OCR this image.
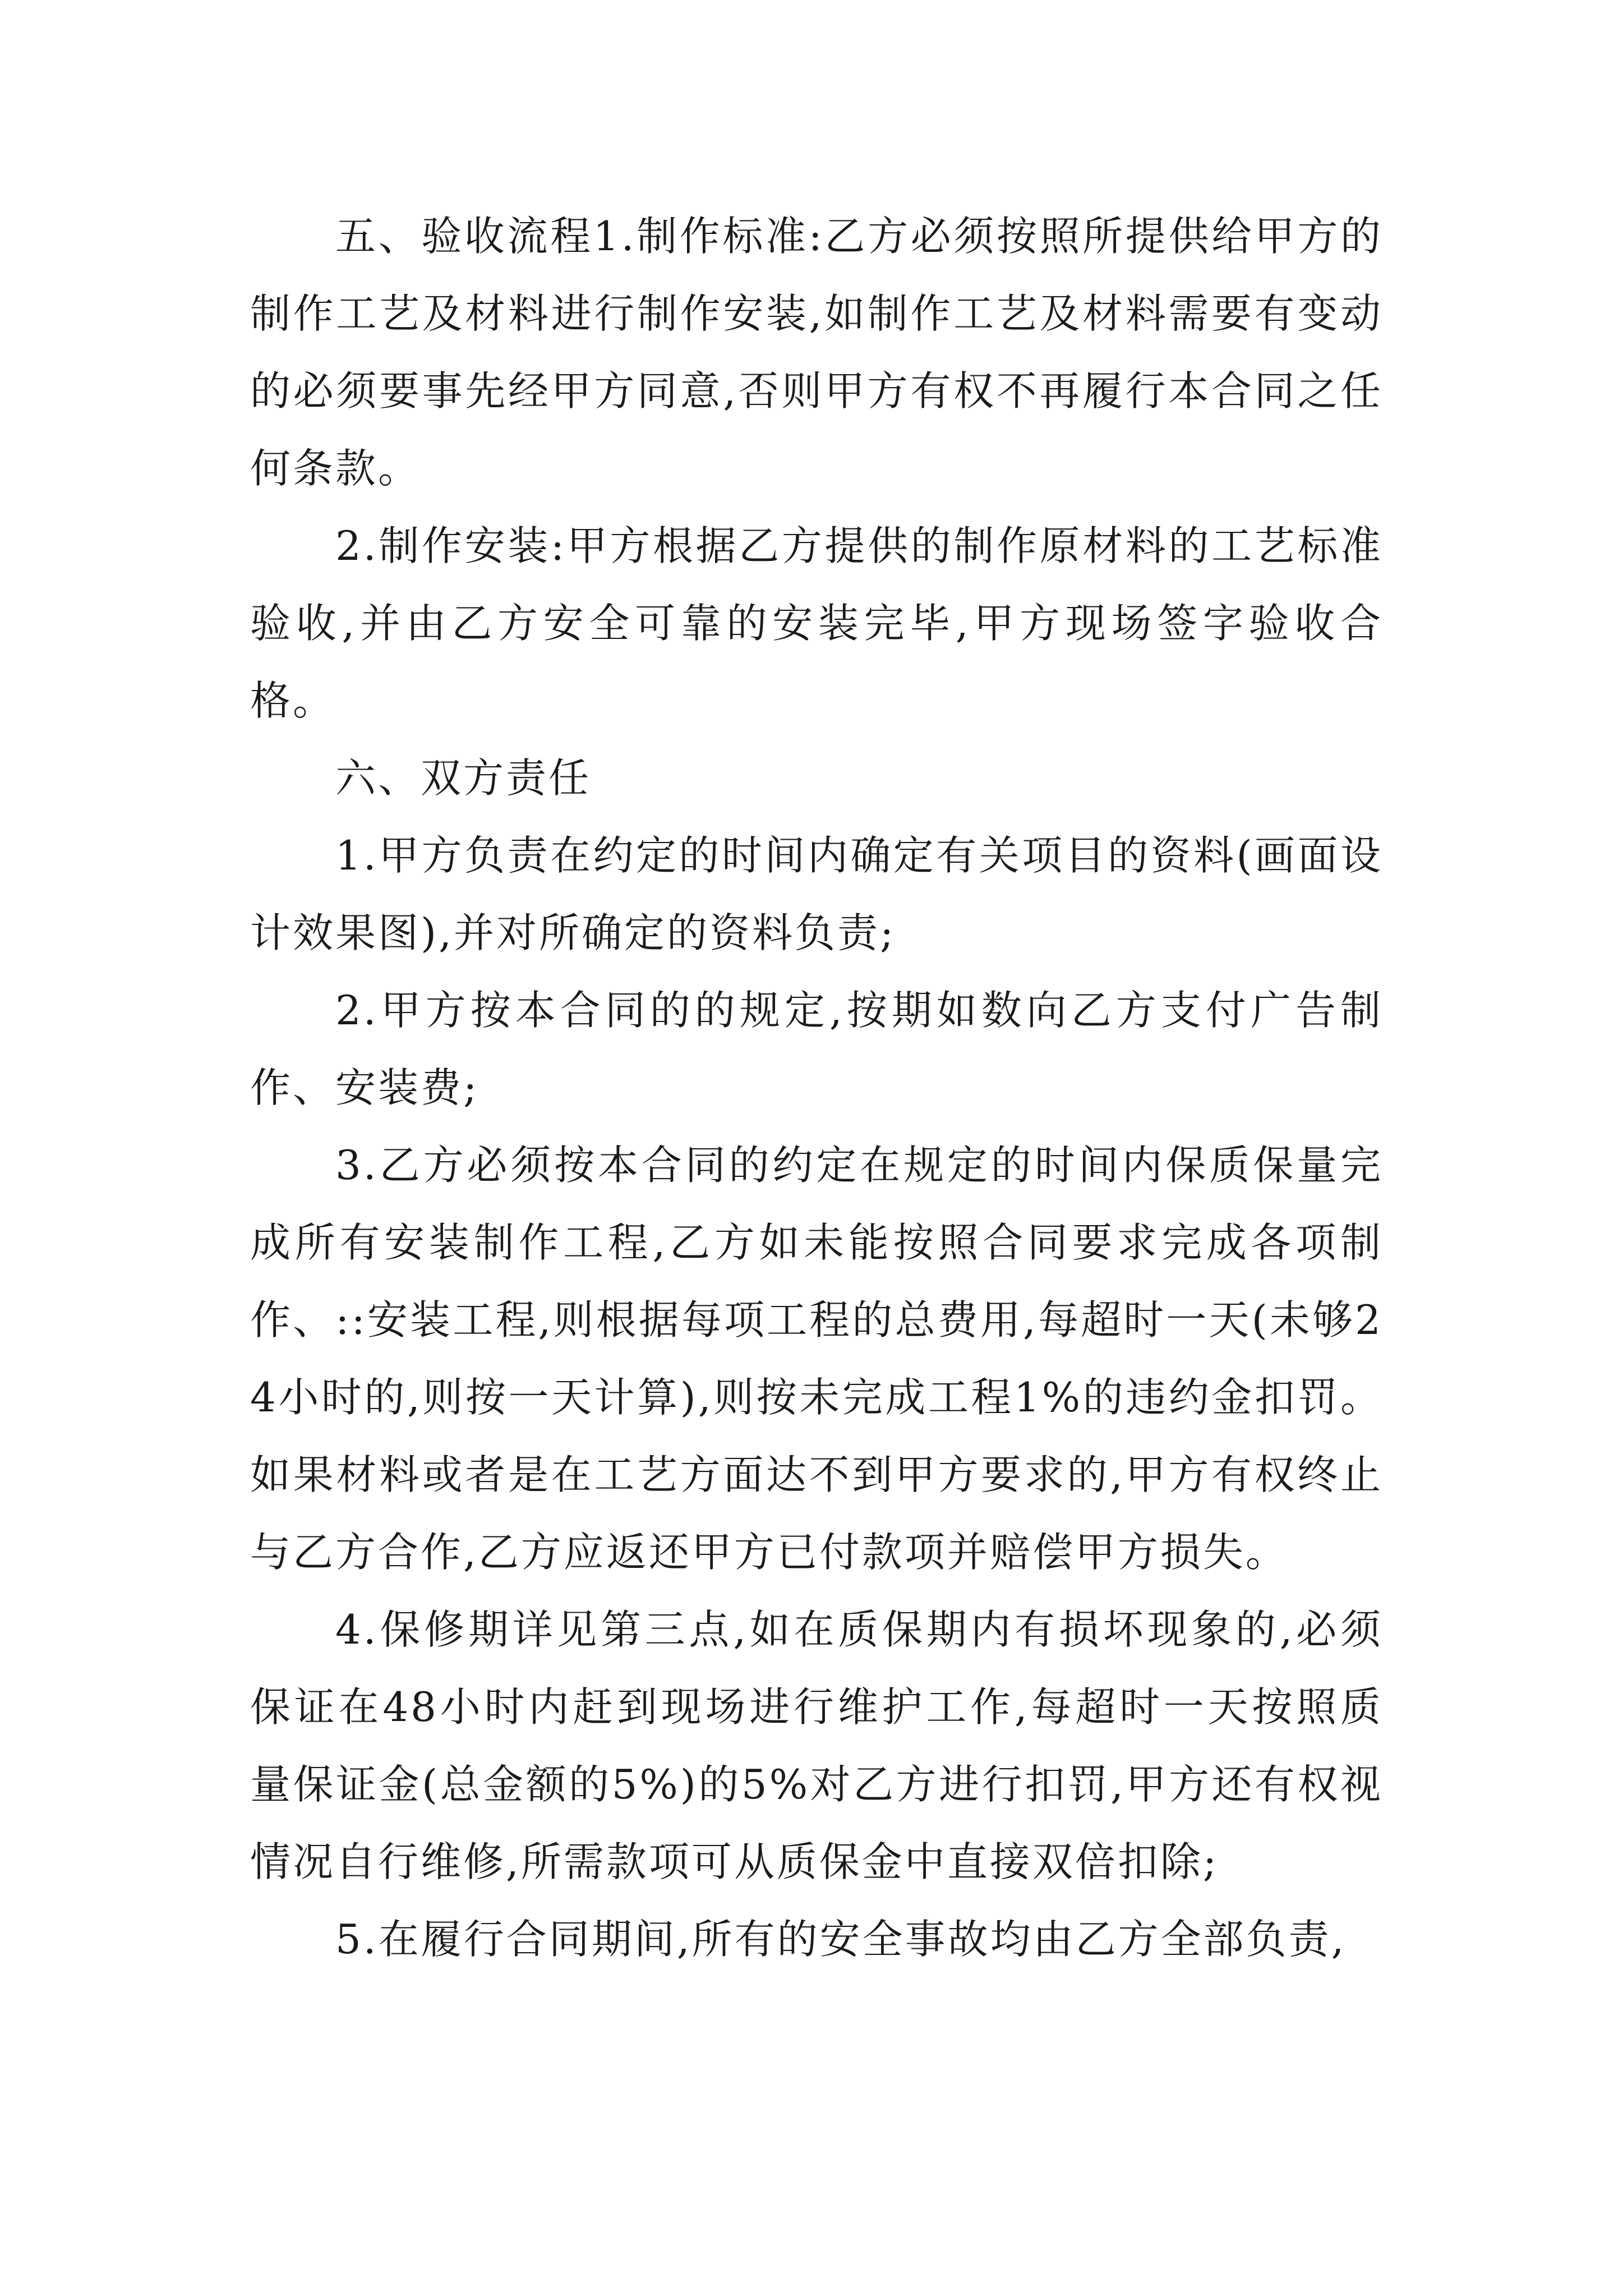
五、验收流程1.制作标准:乙方必须按照所提供给甲方的制作工艺及材料进行制作安装,如制作工艺及材料需要有变动的必须要事先经甲方同意,否则甲方有权不再履行本合同之任何条款。

2.制作安装:甲方根据乙方提供的制作原材料的工艺标准验收,并由乙方安全可靠的安装完毕,甲方现场签字验收合格。

六、双方责任

1.甲方负责在约定的时间内确定有关项目的资料(画面设计效果图),并对所确定的资料负责;

2.甲方按本合同的的规定,按期如数向乙方支付广告制作、安装费;

3.乙方必须按本合同的约定在规定的时间内保质保量完成所有安装制作工程,乙方如未能按照合同要求完成各项制作、::安装工程,则根据每项工程的总费用,每超时一天(未够24小时的,则按一天计算),则按未完成工程1%的违约金扣罚。如果材料或者是在工艺方面达不到甲方要求的,甲方有权终止与乙方合作,乙方应返还甲方已付款项并赔偿甲方损失。

4.保修期详见第三点,如在质保期内有损坏现象的,必须保证在48小时内赶到现场进行维护工作,每超时一天按照质量保证金(总金额的5%)的5%对乙方进行扣罚,甲方还有权视情况自行维修,所需款项可从质保金中直接双倍扣除;

5.在履行合同期间,所有的安全事故均由乙方全部负责,
